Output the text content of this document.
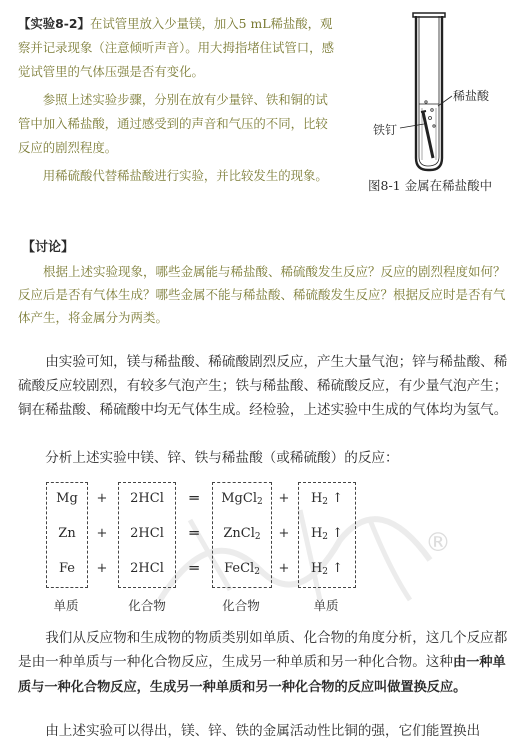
【实验8-2】在试管里放入少量镁，加入5 mL稀盐酸，观察并记录现象（注意倾听声音）。用大拇指堵住试管口，感觉试管里的气体压强是否有变化。

参照上述实验步骤，分别在放有少量锌、铁和铜的试管中加入稀盐酸，通过感受到的声音和气压的不同，比较反应的剧烈程度。

用稀硫酸代替稀盐酸进行实验，并比较发生的现象。

稀盐酸
铁钉
图8-1 金属在稀盐酸中
【讨论】

根据上述实验现象，哪些金属能与稀盐酸、稀硫酸发生反应？反应的剧烈程度如何？反应后是否有气体生成？哪些金属不能与稀盐酸、稀硫酸发生反应？根据反应时是否有气体产生，将金属分为两类。

由实验可知，镁与稀盐酸、稀硫酸剧烈反应，产生大量气泡；锌与稀盐酸、稀硫酸反应较剧烈，有较多气泡产生；铁与稀盐酸、稀硫酸反应，有少量气泡产生；铜在稀盐酸、稀硫酸中均无气体生成。经检验，上述实验中生成的气体均为氢气。

分析上述实验中镁、锌、铁与稀盐酸（或稀硫酸）的反应：

®
Mg	+	2HCl	═	MgCl$_2$	+	$H_2$ ↑
Zn	+	2HCl	═	ZnCl$_2$	+	$H_2$ ↑
Fe	+	2HCl	═	FeCl$_2$	+	$H_2$ ↑
单质	化合物	化合物	单质

我们从反应物和生成物的物质类别如单质、化合物的角度分析，这几个反应都是由一种单质与一种化合物反应，生成另一种单质和另一种化合物。这种由一种单质与一种化合物反应，生成另一种单质和另一种化合物的反应叫做置换反应。

由上述实验可以得出，镁、锌、铁的金属活动性比铜的强，它们能置换出
